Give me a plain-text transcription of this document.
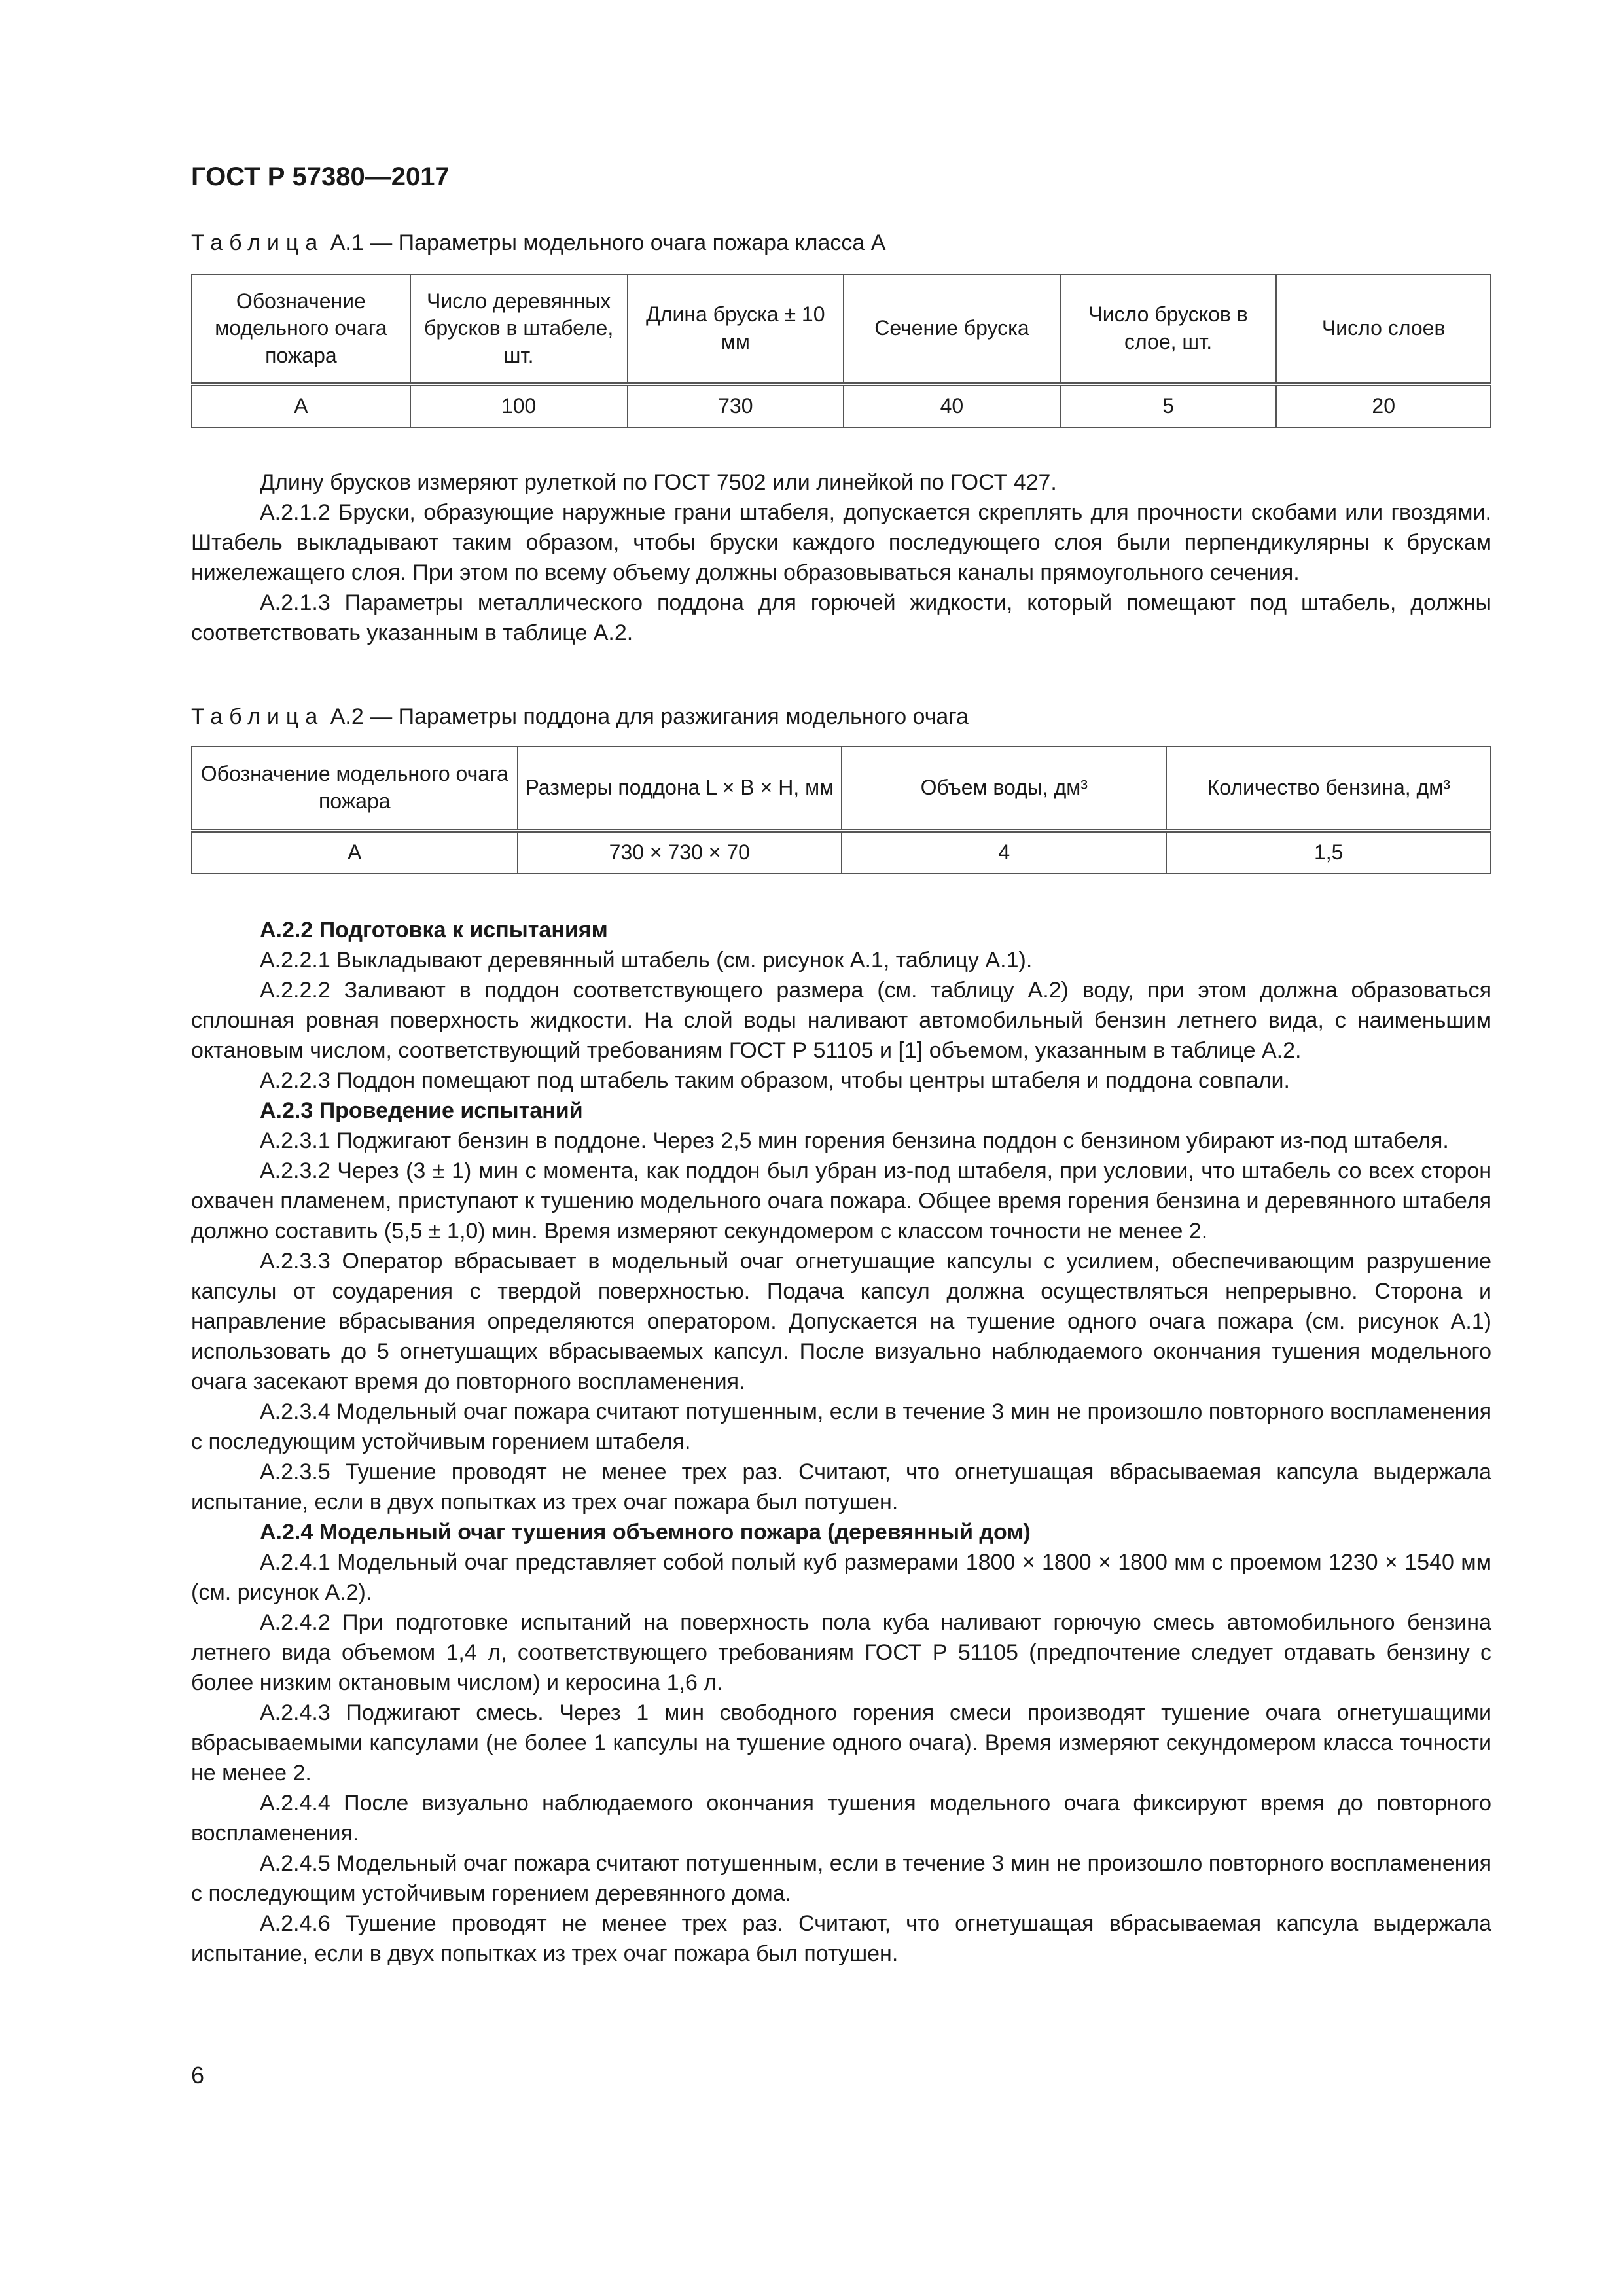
ГОСТ Р 57380—2017
Таблица А.1 — Параметры модельного очага пожара класса А
Обозначение модельного очага пожара	Число деревянных брусков в штабеле, шт.	Длина бруска ± 10 мм	Сечение бруска	Число брусков в слое, шт.	Число слоев
А	100	730	40	5	20

Длину брусков измеряют рулеткой по ГОСТ 7502 или линейкой по ГОСТ 427.

А.2.1.2 Бруски, образующие наружные грани штабеля, допускается скреплять для прочности скобами или гвоздями. Штабель выкладывают таким образом, чтобы бруски каждого последующего слоя были перпендикулярны к брускам нижележащего слоя. При этом по всему объему должны образовываться каналы прямоугольного сечения.

А.2.1.3 Параметры металлического поддона для горючей жидкости, который помещают под штабель, должны соответствовать указанным в таблице А.2.

Таблица А.2 — Параметры поддона для разжигания модельного очага
Обозначение модельного очага пожара	Размеры поддона L × B × H, мм	Объем воды, дм³	Количество бензина, дм³
А	730 × 730 × 70	4	1,5

А.2.2 Подготовка к испытаниям

А.2.2.1 Выкладывают деревянный штабель (см. рисунок А.1, таблицу А.1).

А.2.2.2 Заливают в поддон соответствующего размера (см. таблицу А.2) воду, при этом должна образоваться сплошная ровная поверхность жидкости. На слой воды наливают автомобильный бензин летнего вида, с наименьшим октановым числом, соответствующий требованиям ГОСТ Р 51105 и [1] объемом, указанным в таблице А.2.

А.2.2.3 Поддон помещают под штабель таким образом, чтобы центры штабеля и поддона совпали.

А.2.3 Проведение испытаний

А.2.3.1 Поджигают бензин в поддоне. Через 2,5 мин горения бензина поддон с бензином убирают из-под штабеля.

А.2.3.2 Через (3 ± 1) мин с момента, как поддон был убран из-под штабеля, при условии, что штабель со всех сторон охвачен пламенем, приступают к тушению модельного очага пожара. Общее время горения бензина и деревянного штабеля должно составить (5,5 ± 1,0) мин. Время измеряют секундомером с классом точности не менее 2.

А.2.3.3 Оператор вбрасывает в модельный очаг огнетушащие капсулы с усилием, обеспечивающим разрушение капсулы от соударения с твердой поверхностью. Подача капсул должна осуществляться непрерывно. Сторона и направление вбрасывания определяются оператором. Допускается на тушение одного очага пожара (см. рисунок А.1) использовать до 5 огнетушащих вбрасываемых капсул. После визуально наблюдаемого окончания тушения модельного очага засекают время до повторного воспламенения.

А.2.3.4 Модельный очаг пожара считают потушенным, если в течение 3 мин не произошло повторного воспламенения с последующим устойчивым горением штабеля.

А.2.3.5 Тушение проводят не менее трех раз. Считают, что огнетушащая вбрасываемая капсула выдержала испытание, если в двух попытках из трех очаг пожара был потушен.

А.2.4 Модельный очаг тушения объемного пожара (деревянный дом)

А.2.4.1 Модельный очаг представляет собой полый куб размерами 1800 × 1800 × 1800 мм с проемом 1230 × 1540 мм (см. рисунок А.2).

А.2.4.2 При подготовке испытаний на поверхность пола куба наливают горючую смесь автомобильного бензина летнего вида объемом 1,4 л, соответствующего требованиям ГОСТ Р 51105 (предпочтение следует отдавать бензину с более низким октановым числом) и керосина 1,6 л.

А.2.4.3 Поджигают смесь. Через 1 мин свободного горения смеси производят тушение очага огнетушащими вбрасываемыми капсулами (не более 1 капсулы на тушение одного очага). Время измеряют секундомером класса точности не менее 2.

А.2.4.4 После визуально наблюдаемого окончания тушения модельного очага фиксируют время до повторного воспламенения.

А.2.4.5 Модельный очаг пожара считают потушенным, если в течение 3 мин не произошло повторного воспламенения с последующим устойчивым горением деревянного дома.

А.2.4.6 Тушение проводят не менее трех раз. Считают, что огнетушащая вбрасываемая капсула выдержала испытание, если в двух попытках из трех очаг пожара был потушен.

6
